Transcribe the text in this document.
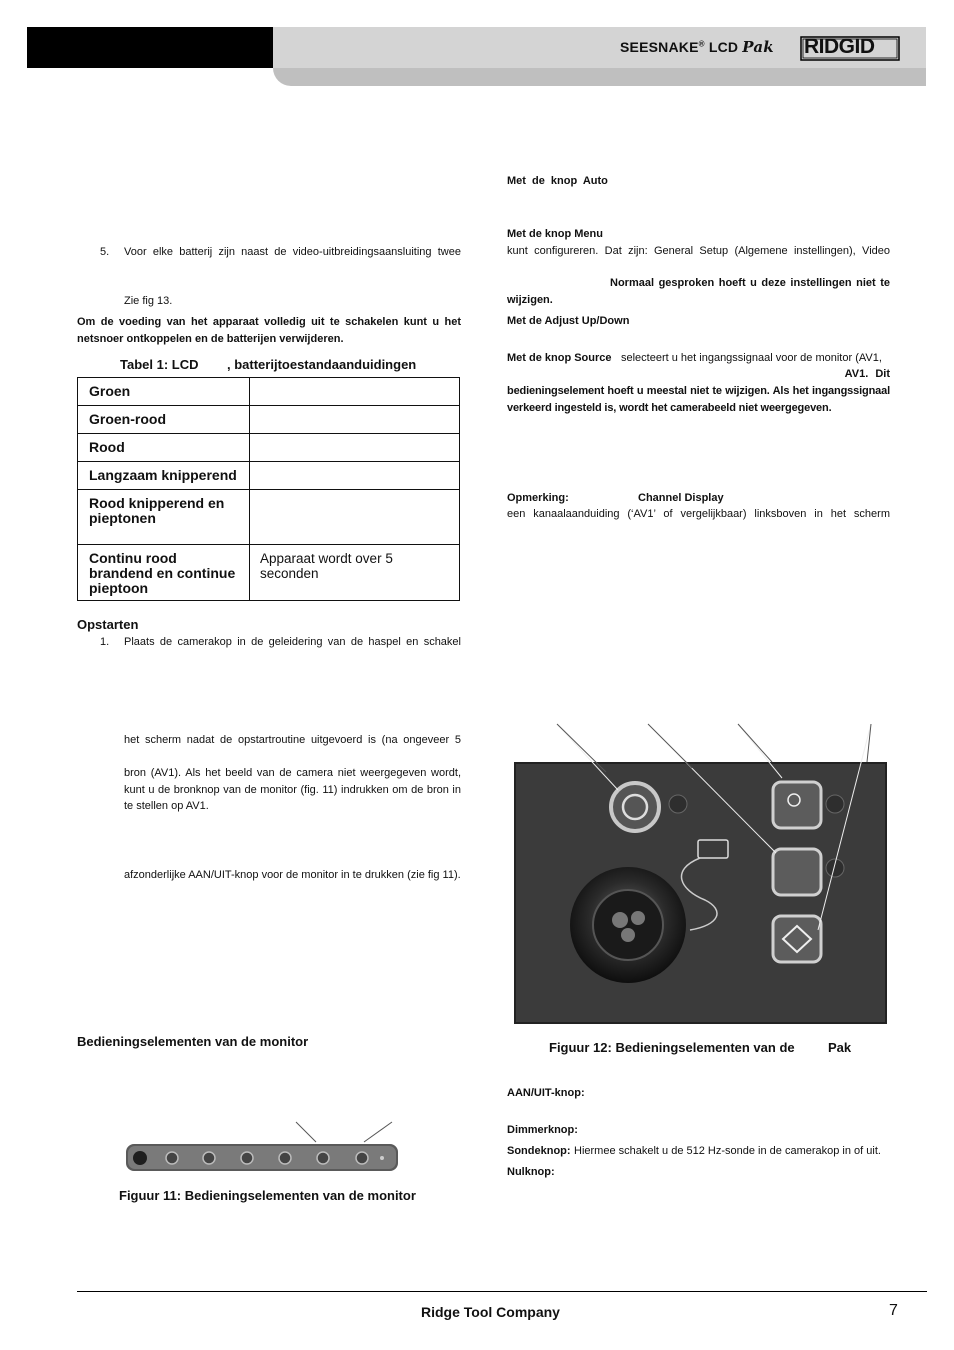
SEESNAKE® LCD Pak RIDGID
5. Voor elke batterij zijn naast de video-uitbreidingsaansluiting twee
Zie fig 13.
Om de voeding van het apparaat volledig uit te schakelen kunt u het netsnoer ontkoppelen en de batterijen verwijderen.
Tabel 1: LCD , batterijtoestandaanduidingen
Groen	
Groen-rood	
Rood	
Langzaam knipperend	
Rood knipperend en pieptonen	
Continu rood brandend en continue pieptoon	Apparaat wordt over 5 seconden
Opstarten
1. Plaats de camerakop in de geleidering van de haspel en schakel
het scherm nadat de opstartroutine uitgevoerd is (na ongeveer 5
bron (AV1). Als het beeld van de camera niet weergegeven wordt, kunt u de bronknop van de monitor (fig. 11) indrukken om de bron in te stellen op AV1.
afzonderlijke AAN/UIT-knop voor de monitor in te drukken (zie fig 11).
Bedieningselementen van de monitor
Figuur 11: Bedieningselementen van de monitor
Met de knop Auto
Met de knop Menu
kunt configureren. Dat zijn: General Setup (Algemene instellingen), Video
Normaal gesproken hoeft u deze instellingen niet te
wijzigen.
Met de Adjust Up/Down
Met de knop Source selecteert u het ingangssignaal voor de monitor (AV1,
AV1. Dit
bedieningselement hoeft u meestal niet te wijzigen. Als het ingangssignaal verkeerd ingesteld is, wordt het camerabeeld niet weergegeven.
Opmerking:	Channel Display
een kanaalaanduiding (‘AV1’ of vergelijkbaar) linksboven in het scherm
Figuur 12: Bedieningselementen van de	Pak
AAN/UIT-knop:
Dimmerknop:
Sondeknop: Hiermee schakelt u de 512 Hz-sonde in de camerakop in of uit.
Nulknop:
Ridge Tool Company	7
